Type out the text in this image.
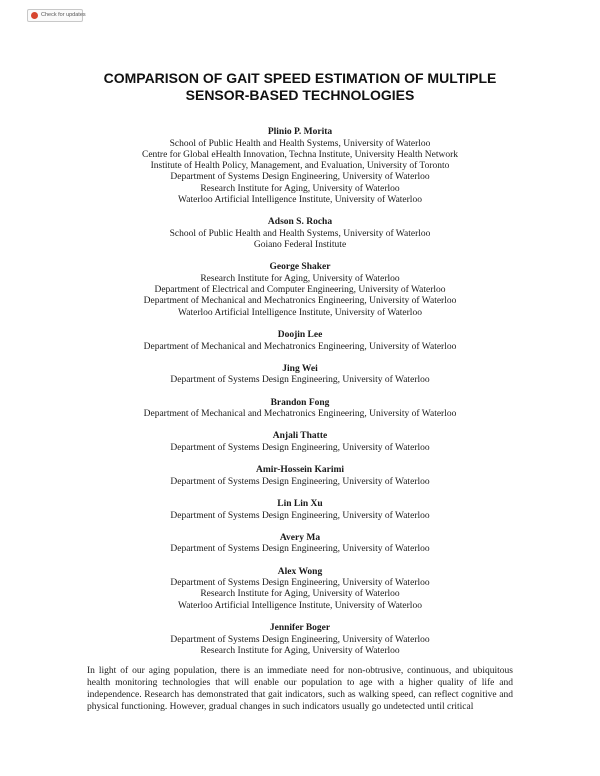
Check for updates
COMPARISON OF GAIT SPEED ESTIMATION OF MULTIPLE
SENSOR-BASED TECHNOLOGIES

Plinio P. Morita

School of Public Health and Health Systems, University of Waterloo

Centre for Global eHealth Innovation, Techna Institute, University Health Network

Institute of Health Policy, Management, and Evaluation, University of Toronto

Department of Systems Design Engineering, University of Waterloo

Research Institute for Aging, University of Waterloo

Waterloo Artificial Intelligence Institute, University of Waterloo

Adson S. Rocha

School of Public Health and Health Systems, University of Waterloo

Goiano Federal Institute

George Shaker

Research Institute for Aging, University of Waterloo

Department of Electrical and Computer Engineering, University of Waterloo

Department of Mechanical and Mechatronics Engineering, University of Waterloo

Waterloo Artificial Intelligence Institute, University of Waterloo

Doojin Lee

Department of Mechanical and Mechatronics Engineering, University of Waterloo

Jing Wei

Department of Systems Design Engineering, University of Waterloo

Brandon Fong

Department of Mechanical and Mechatronics Engineering, University of Waterloo

Anjali Thatte

Department of Systems Design Engineering, University of Waterloo

Amir-Hossein Karimi

Department of Systems Design Engineering, University of Waterloo

Lin Lin Xu

Department of Systems Design Engineering, University of Waterloo

Avery Ma

Department of Systems Design Engineering, University of Waterloo

Alex Wong

Department of Systems Design Engineering, University of Waterloo

Research Institute for Aging, University of Waterloo

Waterloo Artificial Intelligence Institute, University of Waterloo

Jennifer Boger

Department of Systems Design Engineering, University of Waterloo

Research Institute for Aging, University of Waterloo

In light of our aging population, there is an immediate need for non-obtrusive, continuous, and ubiquitous health monitoring technologies that will enable our population to age with a higher quality of life and independence. Research has demonstrated that gait indicators, such as walking speed, can reflect cognitive and physical functioning. However, gradual changes in such indicators usually go undetected until critical
